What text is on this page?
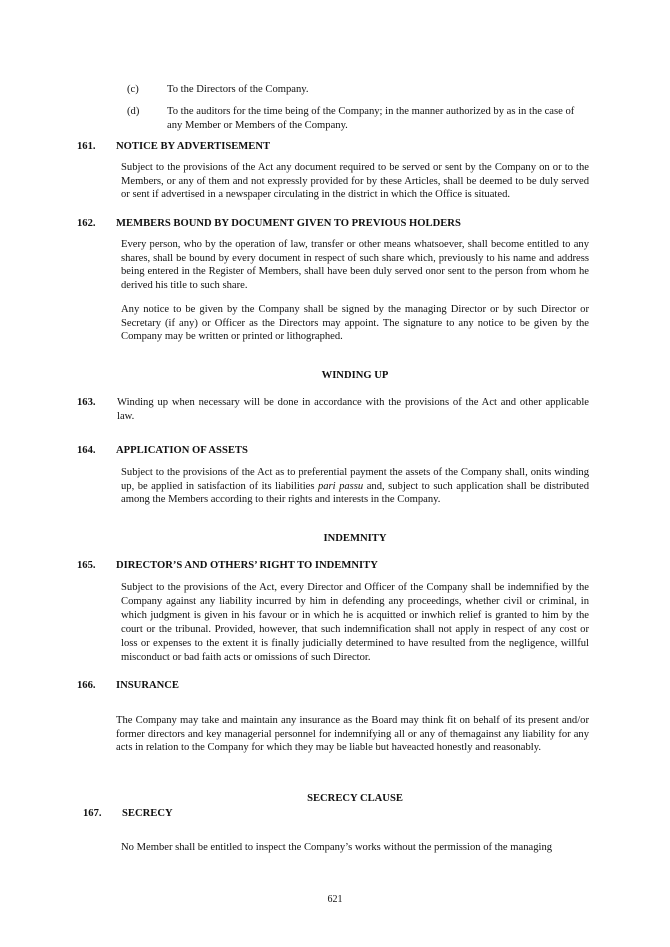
(c)	To the Directors of the Company.
(d)	To the auditors for the time being of the Company; in the manner authorized by as in the case of any Member or Members of the Company.
161. NOTICE BY ADVERTISEMENT
Subject to the provisions of the Act any document required to be served or sent by the Company on or to the Members, or any of them and not expressly provided for by these Articles, shall be deemed to be duly served or sent if advertised in a newspaper circulating in the district in which the Office is situated.
162. MEMBERS BOUND BY DOCUMENT GIVEN TO PREVIOUS HOLDERS
Every person, who by the operation of law, transfer or other means whatsoever, shall become entitled to any shares, shall be bound by every document in respect of such share which, previously to his name and address being entered in the Register of Members, shall have been duly served onor sent to the person from whom he derived his title to such share.
Any notice to be given by the Company shall be signed by the managing Director or by such Director or Secretary (if any) or Officer as the Directors may appoint. The signature to any notice to be given by the Company may be written or printed or lithographed.
WINDING UP
163. Winding up when necessary will be done in accordance with the provisions of the Act and other applicable law.
164. APPLICATION OF ASSETS
Subject to the provisions of the Act as to preferential payment the assets of the Company shall, onits winding up, be applied in satisfaction of its liabilities pari passu and, subject to such application shall be distributed among the Members according to their rights and interests in the Company.
INDEMNITY
165. DIRECTOR’S AND OTHERS’ RIGHT TO INDEMNITY
Subject to the provisions of the Act, every Director and Officer of the Company shall be indemnified by the Company against any liability incurred by him in defending any proceedings, whether civil or criminal, in which judgment is given in his favour or in which he is acquitted or inwhich relief is granted to him by the court or the tribunal. Provided, however, that such indemnification shall not apply in respect of any cost or loss or expenses to the extent it is finally judicially determined to have resulted from the negligence, willful misconduct or bad faith acts or omissions of such Director.
166. INSURANCE
The Company may take and maintain any insurance as the Board may think fit on behalf of its present and/or former directors and key managerial personnel for indemnifying all or any of themagainst any liability for any acts in relation to the Company for which they may be liable but haveacted honestly and reasonably.
SECRECY CLAUSE
167. SECRECY
No Member shall be entitled to inspect the Company’s works without the permission of the managing
621
